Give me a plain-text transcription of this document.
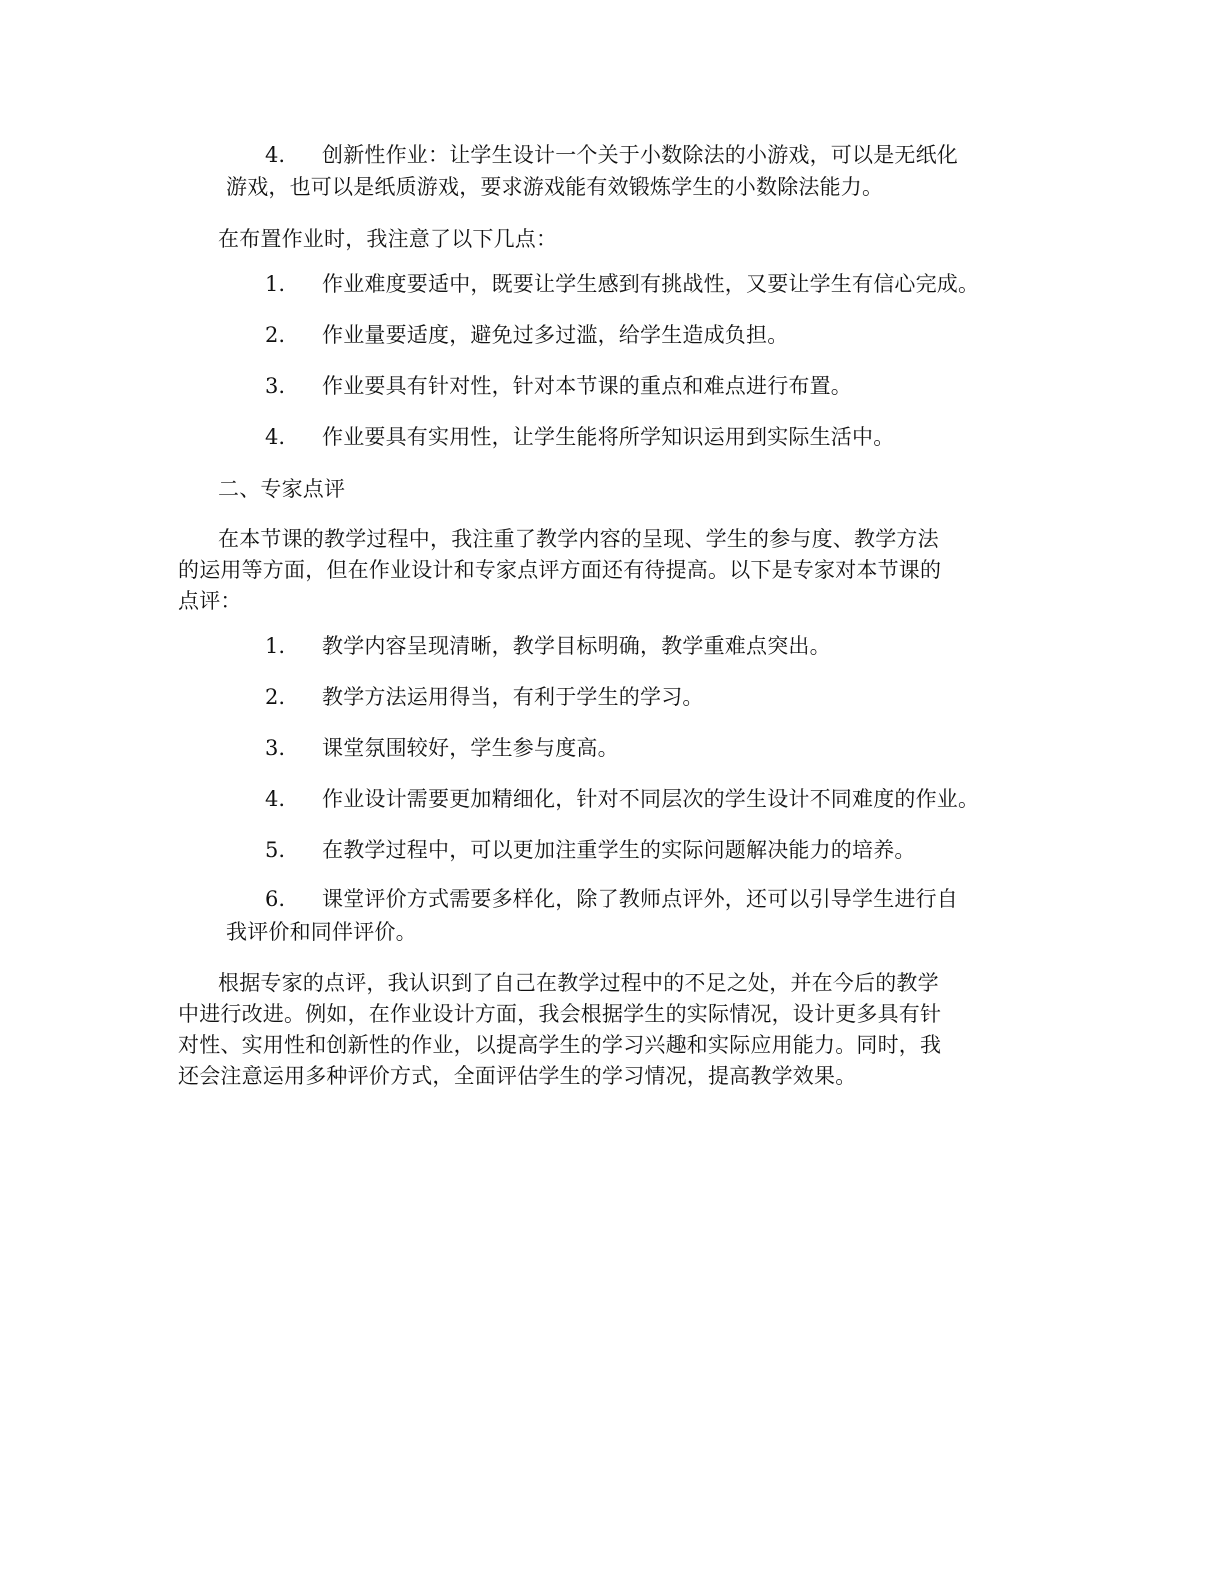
4. 创新性作业：让学生设计一个关于小数除法的小游戏，可以是无纸化
游戏，也可以是纸质游戏，要求游戏能有效锻炼学生的小数除法能力。
在布置作业时，我注意了以下几点：
1. 作业难度要适中，既要让学生感到有挑战性，又要让学生有信心完成。
2. 作业量要适度，避免过多过滥，给学生造成负担。
3. 作业要具有针对性，针对本节课的重点和难点进行布置。
4. 作业要具有实用性，让学生能将所学知识运用到实际生活中。
二、专家点评
在本节课的教学过程中，我注重了教学内容的呈现、学生的参与度、教学方法
的运用等方面，但在作业设计和专家点评方面还有待提高。以下是专家对本节课的
点评：
1. 教学内容呈现清晰，教学目标明确，教学重难点突出。
2. 教学方法运用得当，有利于学生的学习。
3. 课堂氛围较好，学生参与度高。
4. 作业设计需要更加精细化，针对不同层次的学生设计不同难度的作业。
5. 在教学过程中，可以更加注重学生的实际问题解决能力的培养。
6. 课堂评价方式需要多样化，除了教师点评外，还可以引导学生进行自
我评价和同伴评价。
根据专家的点评，我认识到了自己在教学过程中的不足之处，并在今后的教学
中进行改进。例如，在作业设计方面，我会根据学生的实际情况，设计更多具有针
对性、实用性和创新性的作业，以提高学生的学习兴趣和实际应用能力。同时，我
还会注意运用多种评价方式，全面评估学生的学习情况，提高教学效果。
